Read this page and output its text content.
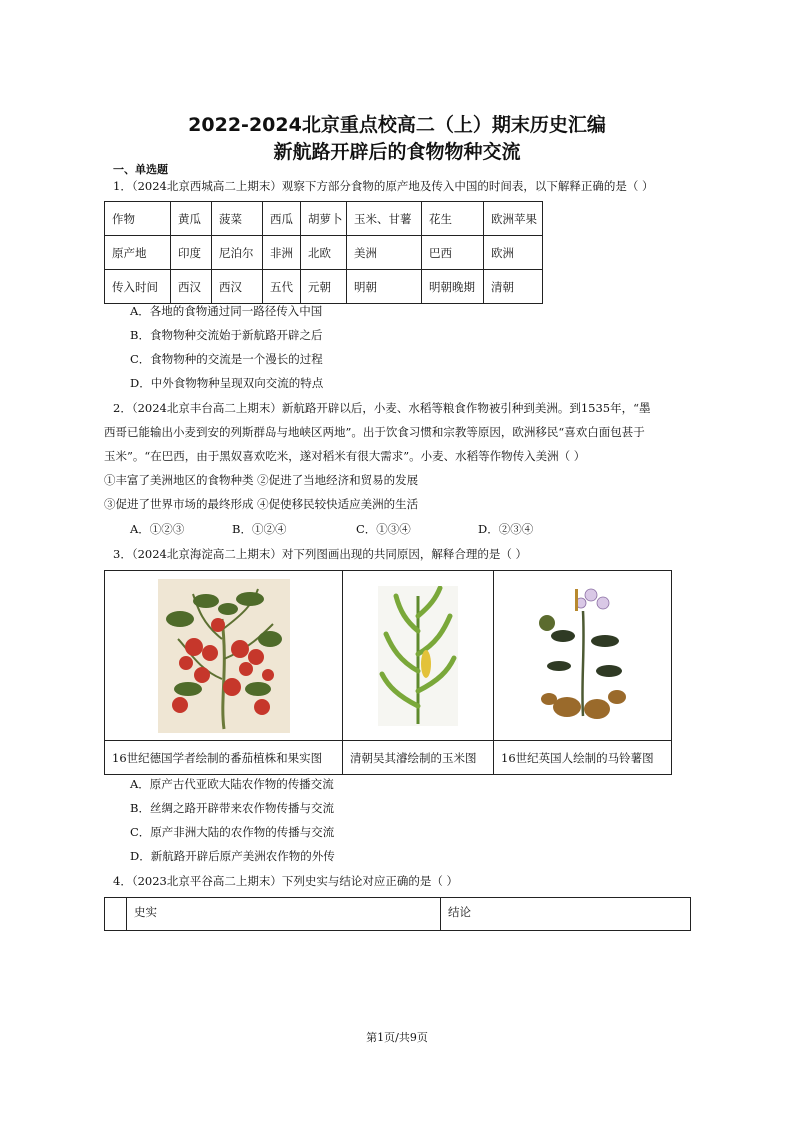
2022-2024北京重点校高二（上）期末历史汇编
新航路开辟后的食物物种交流
一、单选题
1．（2024北京西城高二上期末）观察下方部分食物的原产地及传入中国的时间表，以下解释正确的是（ ）
作物	黄瓜	菠菜	西瓜	胡萝卜	玉米、甘薯	花生	欧洲苹果
原产地	印度	尼泊尔	非洲	北欧	美洲	巴西	欧洲
传入时间	西汉	西汉	五代	元朝	明朝	明朝晚期	清朝
A．各地的食物通过同一路径传入中国
B．食物物种交流始于新航路开辟之后
C．食物物种的交流是一个漫长的过程
D．中外食物物种呈现双向交流的特点
2．（2024北京丰台高二上期末）新航路开辟以后，小麦、水稻等粮食作物被引种到美洲。到1535年，“墨
西哥已能输出小麦到安的列斯群岛与地峡区两地”。出于饮食习惯和宗教等原因，欧洲移民“喜欢白面包甚于
玉米”。“在巴西，由于黑奴喜欢吃米，遂对稻米有很大需求”。小麦、水稻等作物传入美洲（ ）
①丰富了美洲地区的食物种类 ②促进了当地经济和贸易的发展
③促进了世界市场的最终形成 ④促使移民较快适应美洲的生活
A．①②③	B．①②④	C．①③④	D．②③④
3．（2024北京海淀高二上期末）对下列图画出现的共同原因，解释合理的是（ ）

16世纪德国学者绘制的番茄植株和果实图	清朝吴其濬绘制的玉米图	16世纪英国人绘制的马铃薯图
A．原产古代亚欧大陆农作物的传播交流
B．丝绸之路开辟带来农作物传播与交流
C．原产非洲大陆的农作物的传播与交流
D．新航路开辟后原产美洲农作物的外传
4．（2023北京平谷高二上期末）下列史实与结论对应正确的是（ ）
	史实	结论
第1页/共9页
